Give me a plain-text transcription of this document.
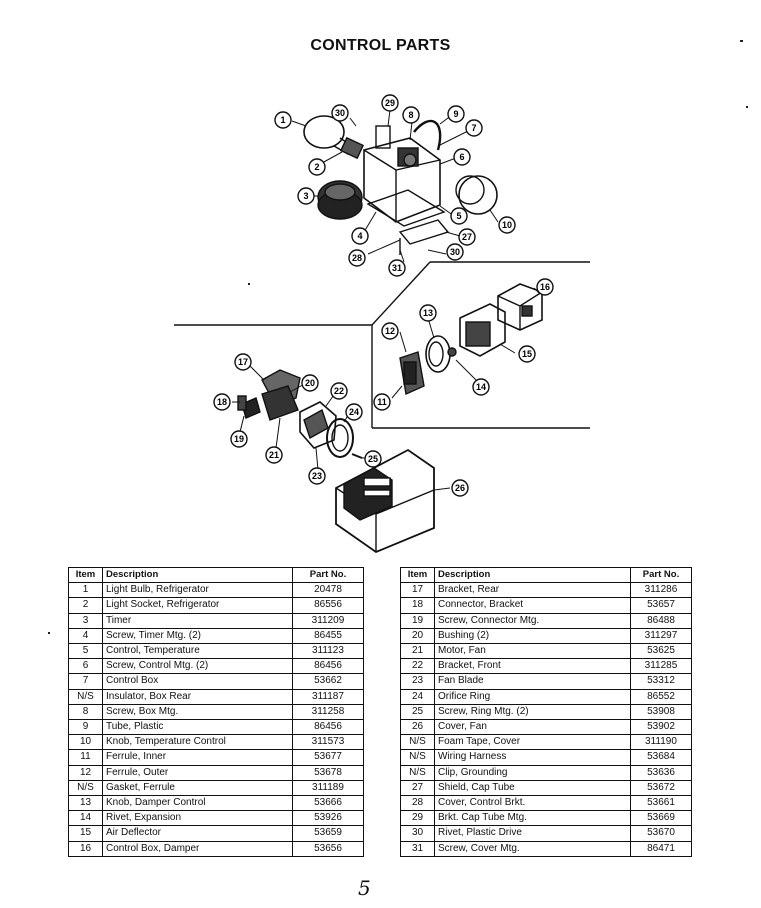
CONTROL PARTS
1
30
29
8	9
7
2
6
3
5
10
4	27
28
31
30
16
13
12
15
11
14
17
20
22
18
24
19
21
23
25
26
Item	Description	Part No.
1	Light Bulb, Refrigerator	20478
2	Light Socket, Refrigerator	86556
3	Timer	311209
4	Screw, Timer Mtg. (2)	86455
5	Control, Temperature	311123
6	Screw, Control Mtg. (2)	86456
7	Control Box	53662
N/S	Insulator, Box Rear	311187
8	Screw, Box Mtg.	311258
9	Tube, Plastic	86456
10	Knob, Temperature Control	311573
11	Ferrule, Inner	53677
12	Ferrule, Outer	53678
N/S	Gasket, Ferrule	311189
13	Knob, Damper Control	53666
14	Rivet, Expansion	53926
15	Air Deflector	53659
16	Control Box, Damper	53656
Item	Description	Part No.
17	Bracket, Rear	311286
18	Connector, Bracket	53657
19	Screw, Connector Mtg.	86488
20	Bushing (2)	311297
21	Motor, Fan	53625
22	Bracket, Front	311285
23	Fan Blade	53312
24	Orifice Ring	86552
25	Screw, Ring Mtg. (2)	53908
26	Cover, Fan	53902
N/S	Foam Tape, Cover	311190
N/S	Wiring Harness	53684
N/S	Clip, Grounding	53636
27	Shield, Cap Tube	53672
28	Cover, Control Brkt.	53661
29	Brkt. Cap Tube Mtg.	53669
30	Rivet, Plastic Drive	53670
31	Screw, Cover Mtg.	86471
5
